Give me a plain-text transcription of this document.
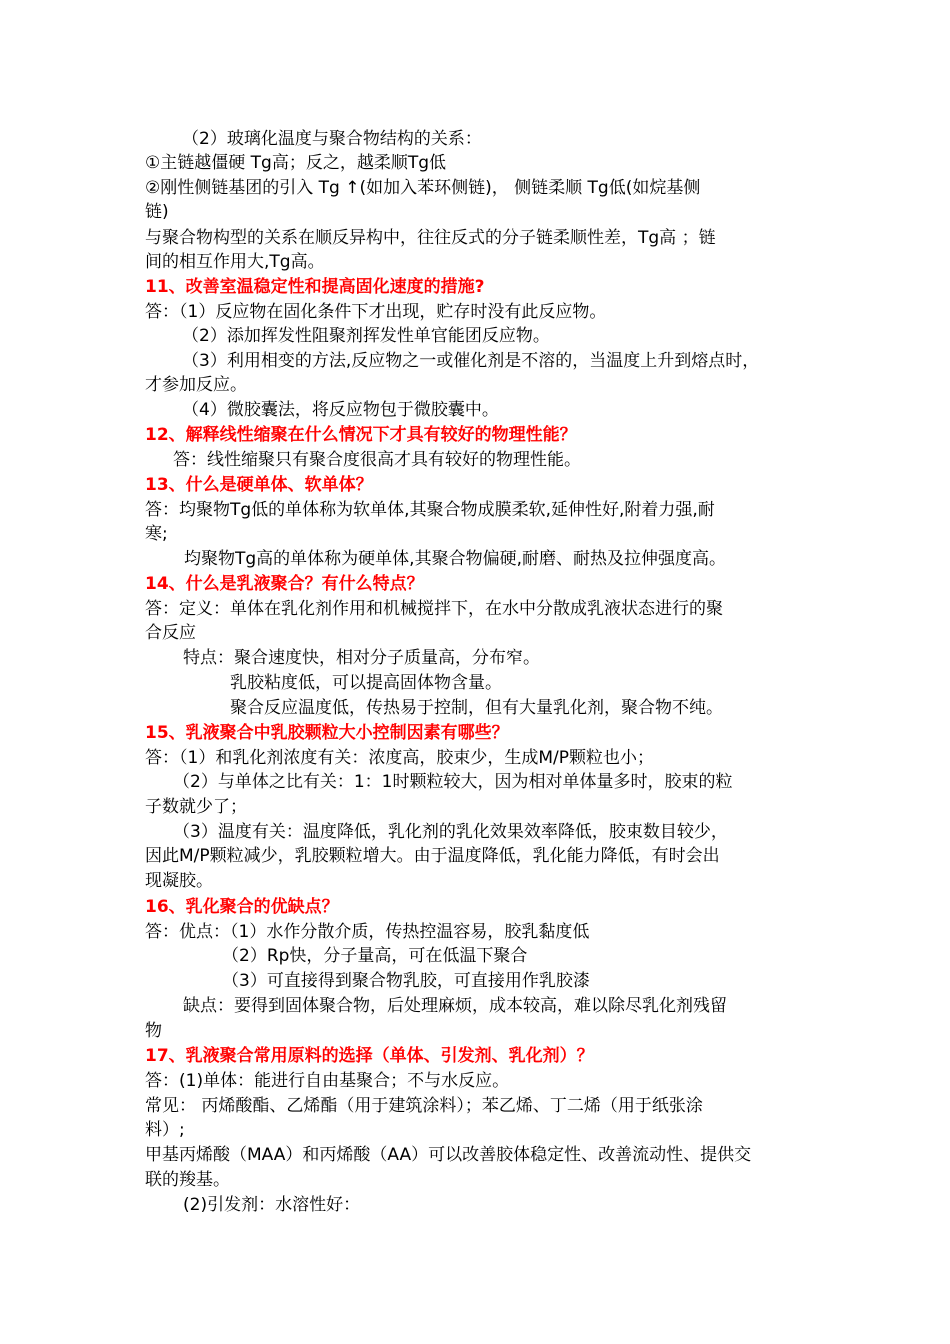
（2）玻璃化温度与聚合物结构的关系：
①主链越僵硬 Tg高；反之，越柔顺Tg低
②刚性侧链基团的引入 Tg ↑(如加入苯环侧链)， 侧链柔顺 Tg低(如烷基侧
链)
与聚合物构型的关系在顺反异构中，往往反式的分子链柔顺性差，Tg高 ；链
间的相互作用大,Tg高。
11、改善室温稳定性和提高固化速度的措施?
答：（1）反应物在固化条件下才出现，贮存时没有此反应物。
（2）添加挥发性阻聚剂挥发性单官能团反应物。
（3）利用相变的方法,反应物之一或催化剂是不溶的，当温度上升到熔点时，
才参加反应。
（4）微胶囊法，将反应物包于微胶囊中。
12、解释线性缩聚在什么情况下才具有较好的物理性能？
答：线性缩聚只有聚合度很高才具有较好的物理性能。
13、什么是硬单体、软单体？
答：均聚物Tg低的单体称为软单体,其聚合物成膜柔软,延伸性好,附着力强,耐
寒;
均聚物Tg高的单体称为硬单体,其聚合物偏硬,耐磨、耐热及拉伸强度高。
14、什么是乳液聚合？有什么特点？
答：定义：单体在乳化剂作用和机械搅拌下，在水中分散成乳液状态进行的聚
合反应
特点：聚合速度快，相对分子质量高，分布窄。
乳胶粘度低，可以提高固体物含量。
聚合反应温度低，传热易于控制，但有大量乳化剂，聚合物不纯。
15、乳液聚合中乳胶颗粒大小控制因素有哪些？
答：（1）和乳化剂浓度有关：浓度高，胶束少，生成M/P颗粒也小；
（2）与单体之比有关：1：1时颗粒较大，因为相对单体量多时，胶束的粒
子数就少了；
（3）温度有关：温度降低，乳化剂的乳化效果效率降低，胶束数目较少，
因此M/P颗粒减少，乳胶颗粒增大。由于温度降低，乳化能力降低，有时会出
现凝胶。
16、乳化聚合的优缺点？
答：优点：（1）水作分散介质，传热控温容易，胶乳黏度低
（2）Rp快，分子量高，可在低温下聚合
（3）可直接得到聚合物乳胶，可直接用作乳胶漆
缺点：要得到固体聚合物，后处理麻烦，成本较高，难以除尽乳化剂残留
物
17、乳液聚合常用原料的选择（单体、引发剂、乳化剂）？
答：(1)单体：能进行自由基聚合；不与水反应。
常见： 丙烯酸酯、乙烯酯（用于建筑涂料）；苯乙烯、丁二烯（用于纸张涂
料）;
甲基丙烯酸（MAA）和丙烯酸（AA）可以改善胶体稳定性、改善流动性、提供交
联的羧基。
(2)引发剂：水溶性好：
